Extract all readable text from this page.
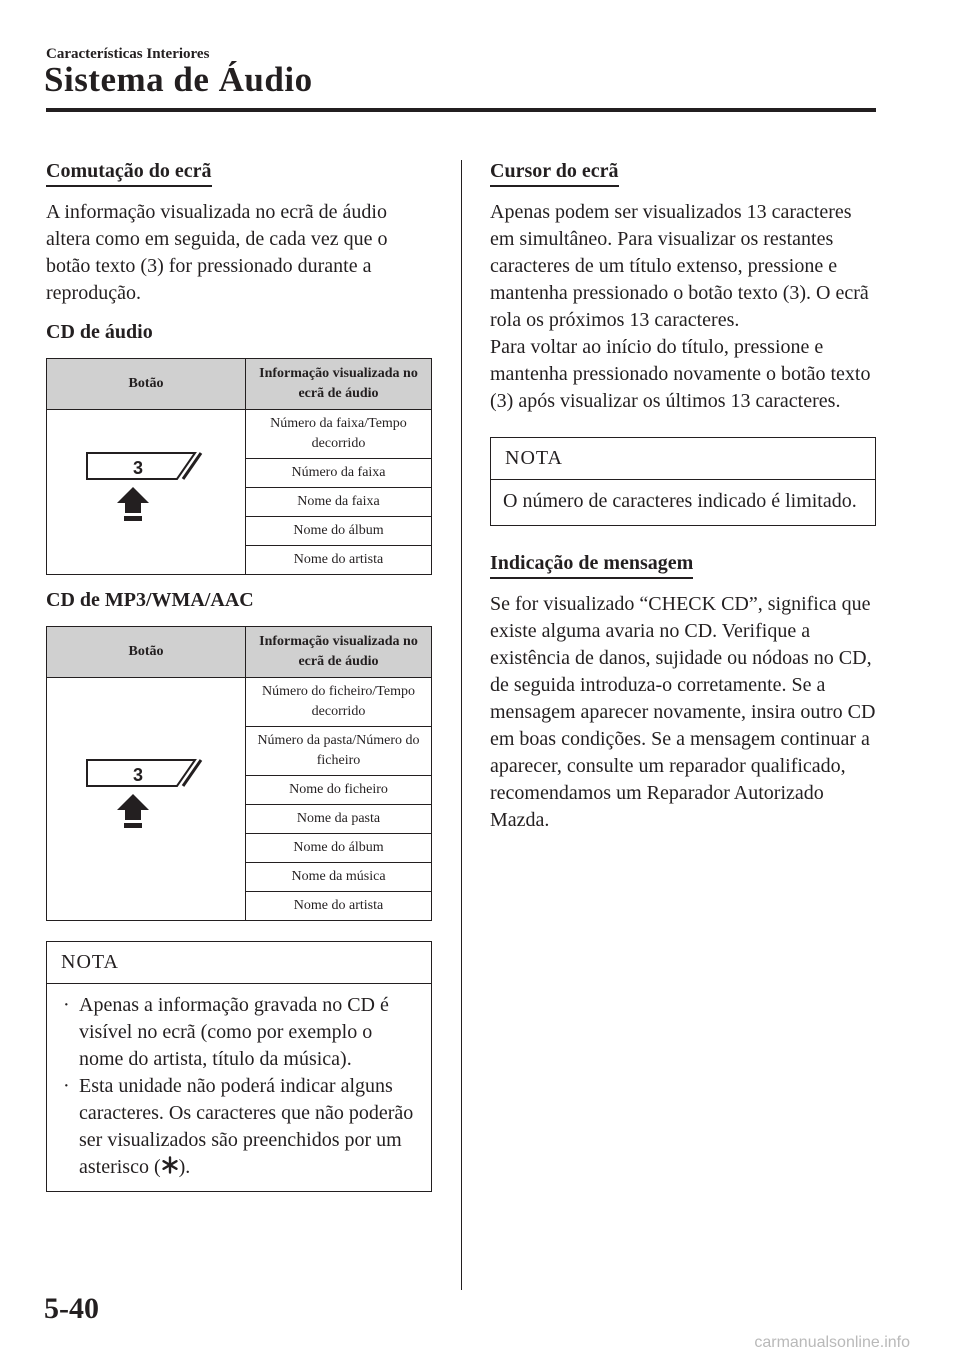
Características Interiores
Sistema de Áudio
Comutação do ecrã
A informação visualizada no ecrã de áudio altera como em seguida, de cada vez que o botão texto (3) for pressionado durante a reprodução.
CD de áudio
Botão	Informação visualizada no ecrã de áudio

3	Número da faixa/Tempo decorrido
	Número da faixa
	Nome da faixa
	Nome do álbum
	Nome do artista
CD de MP3/WMA/AAC
Botão	Informação visualizada no ecrã de áudio

3	Número do ficheiro/Tempo decorrido
	Número da pasta/Número do ficheiro
	Nome do ficheiro
	Nome da pasta
	Nome do álbum
	Nome da música
	Nome do artista
NOTA
· Apenas a informação gravada no CD é visível no ecrã (como por exemplo o nome do artista, título da música).
· Esta unidade não poderá indicar alguns caracteres. Os caracteres que não poderão ser visualizados são preenchidos por um asterisco ( ).
Cursor do ecrã
Apenas podem ser visualizados 13 caracteres em simultâneo. Para visualizar os restantes caracteres de um título extenso, pressione e mantenha pressionado o botão texto (3). O ecrã rola os próximos 13 caracteres.
Para voltar ao início do título, pressione e mantenha pressionado novamente o botão texto (3) após visualizar os últimos 13 caracteres.
NOTA
O número de caracteres indicado é limitado.
Indicação de mensagem
Se for visualizado “CHECK CD”, significa que existe alguma avaria no CD. Verifique a existência de danos, sujidade ou nódoas no CD, de seguida introduza-o corretamente. Se a mensagem aparecer novamente, insira outro CD em boas condições. Se a mensagem continuar a aparecer, consulte um reparador qualificado, recomendamos um Reparador Autorizado Mazda.
5-40
carmanualsonline.info
